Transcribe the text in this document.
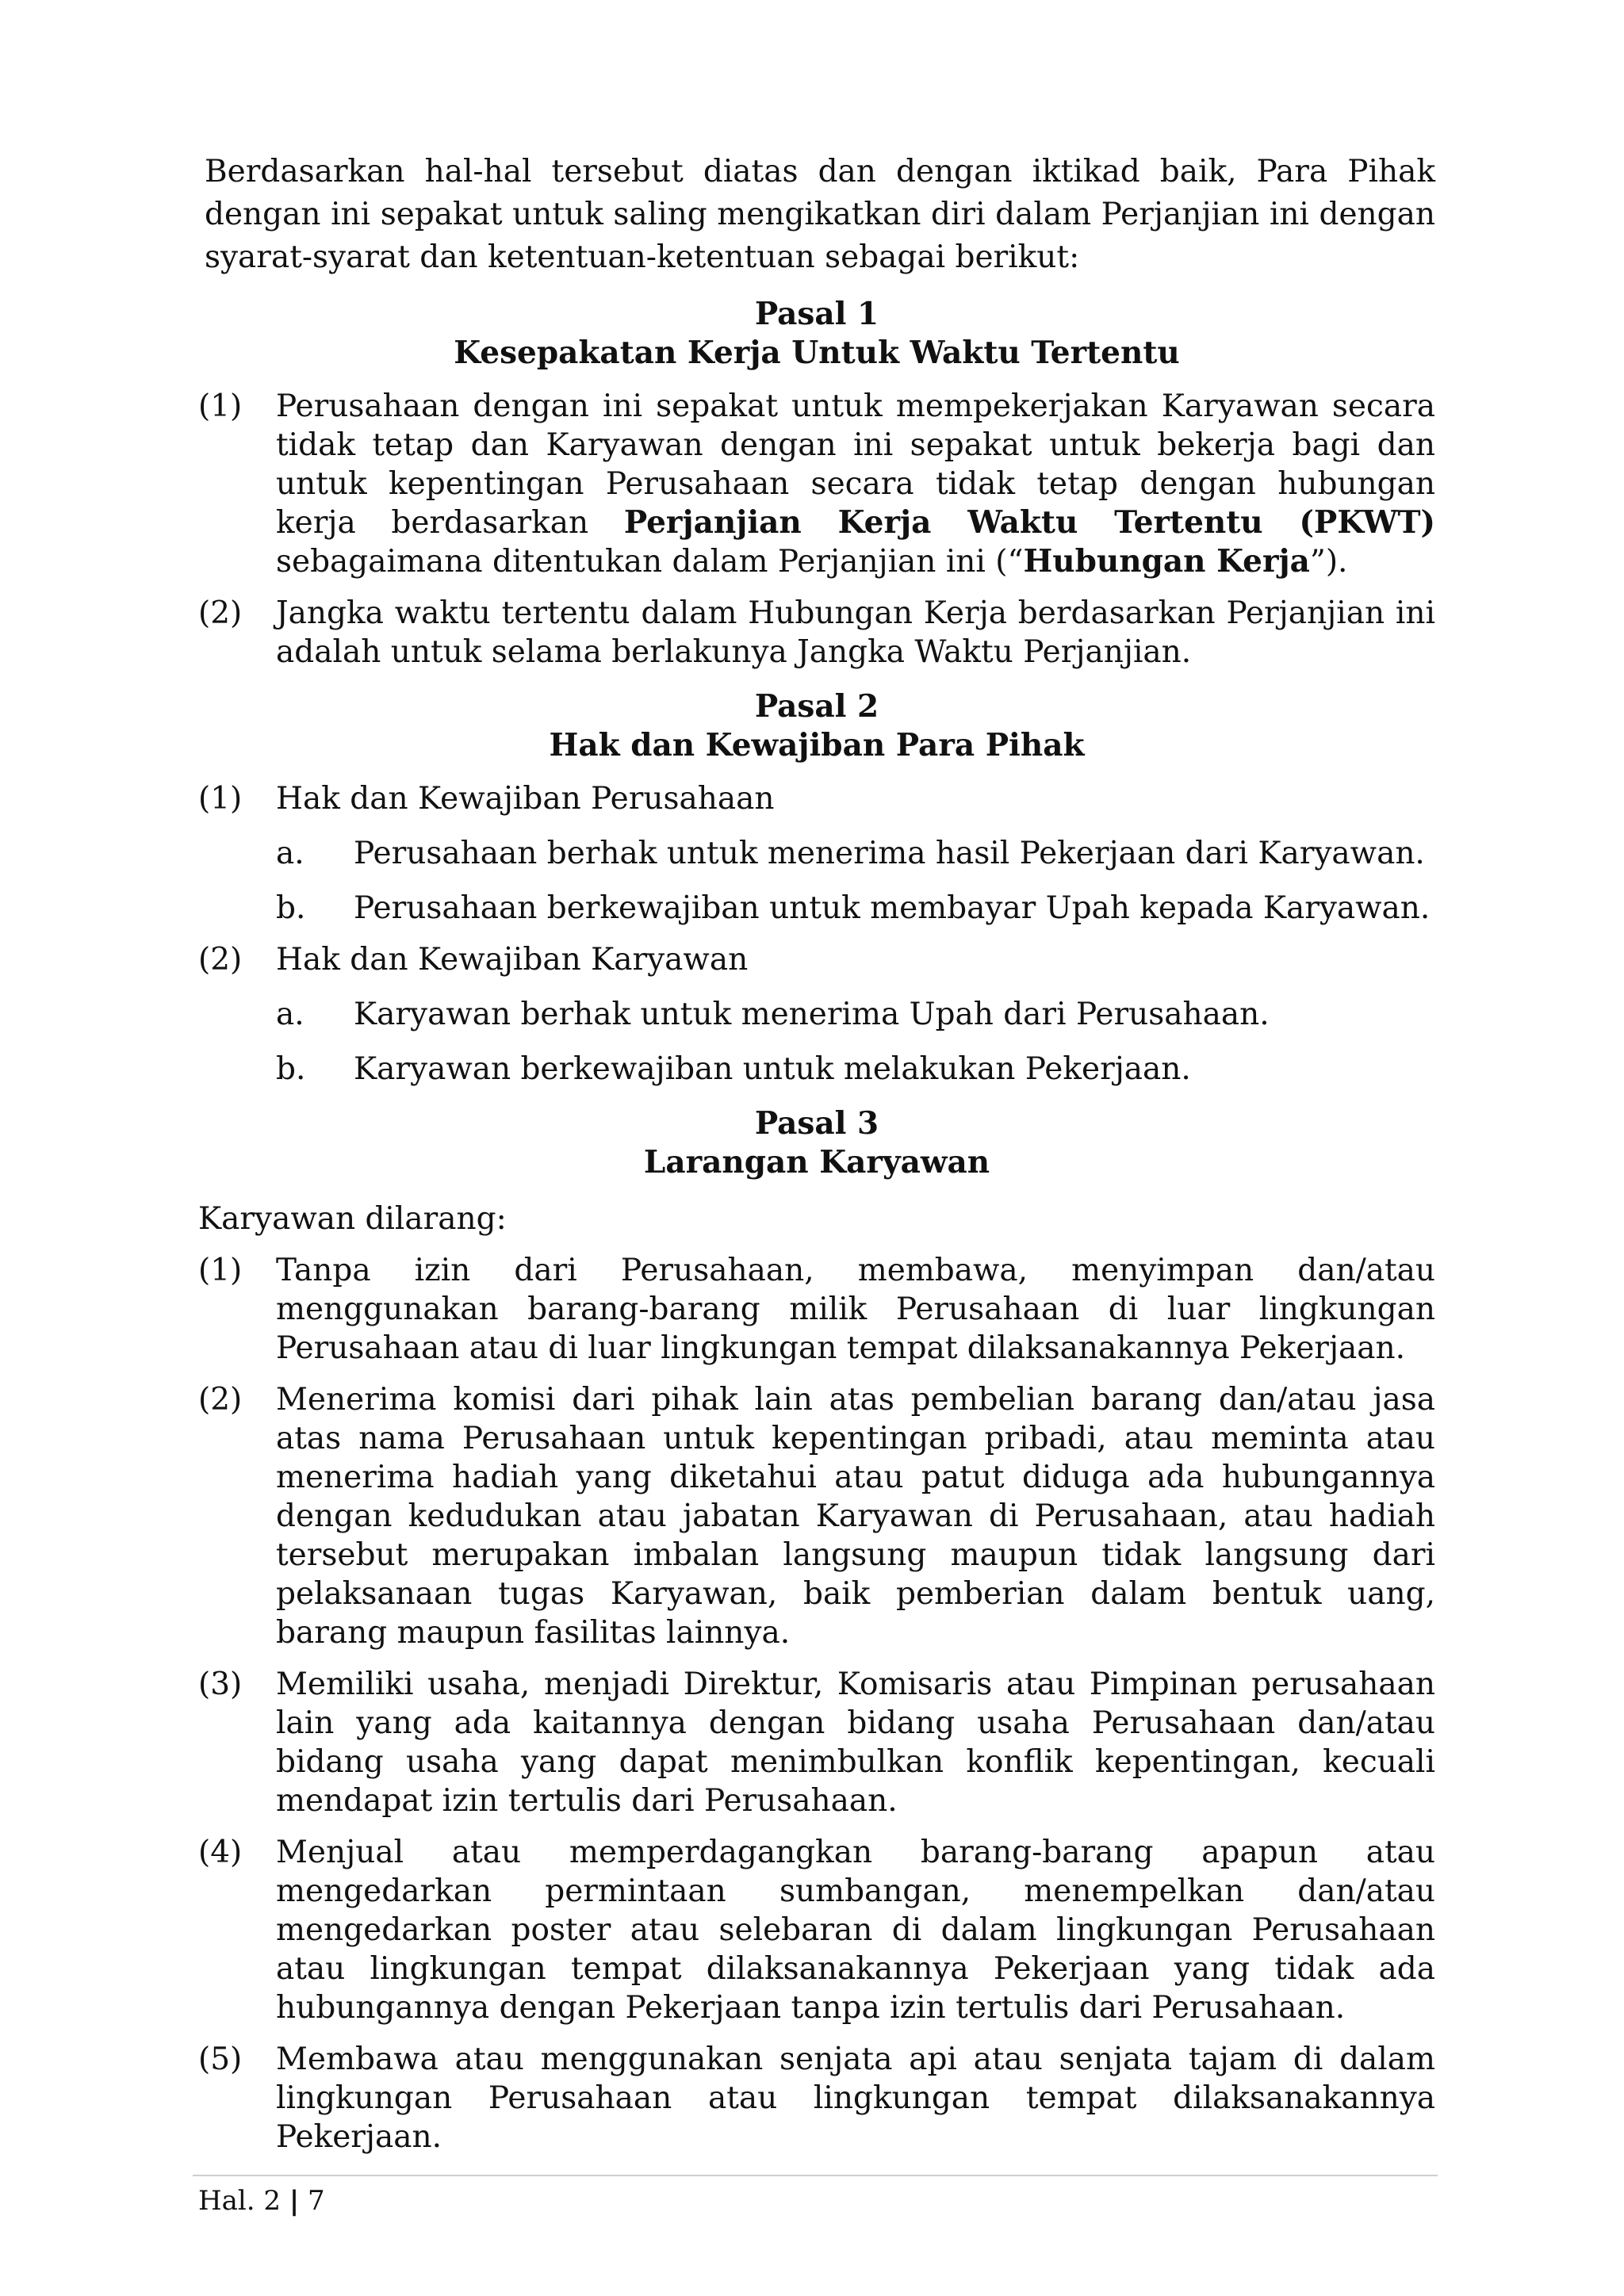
Berdasarkan hal-hal tersebut diatas dan dengan iktikad baik, Para Pihak dengan ini sepakat untuk saling mengikatkan diri dalam Perjanjian ini dengan syarat-syarat dan ketentuan-ketentuan sebagai berikut:
Pasal 1
Kesepakatan Kerja Untuk Waktu Tertentu
(1)	Perusahaan dengan ini sepakat untuk mempekerjakan Karyawan secara tidak tetap dan Karyawan dengan ini sepakat untuk bekerja bagi dan untuk kepentingan Perusahaan secara tidak tetap dengan hubungan kerja berdasarkan Perjanjian Kerja Waktu Tertentu (PKWT) sebagaimana ditentukan dalam Perjanjian ini (“Hubungan Kerja”).
(2)	Jangka waktu tertentu dalam Hubungan Kerja berdasarkan Perjanjian ini adalah untuk selama berlakunya Jangka Waktu Perjanjian.
Pasal 2
Hak dan Kewajiban Para Pihak
(1)	Hak dan Kewajiban Perusahaan
a.	Perusahaan berhak untuk menerima hasil Pekerjaan dari Karyawan.
b.	Perusahaan berkewajiban untuk membayar Upah kepada Karyawan.
(2)	Hak dan Kewajiban Karyawan
a.	Karyawan berhak untuk menerima Upah dari Perusahaan.
b.	Karyawan berkewajiban untuk melakukan Pekerjaan.
Pasal 3
Larangan Karyawan
Karyawan dilarang:
(1)	Tanpa izin dari Perusahaan, membawa, menyimpan dan/atau menggunakan barang-barang milik Perusahaan di luar lingkungan Perusahaan atau di luar lingkungan tempat dilaksanakannya Pekerjaan.
(2)	Menerima komisi dari pihak lain atas pembelian barang dan/atau jasa atas nama Perusahaan untuk kepentingan pribadi, atau meminta atau menerima hadiah yang diketahui atau patut diduga ada hubungannya dengan kedudukan atau jabatan Karyawan di Perusahaan, atau hadiah tersebut merupakan imbalan langsung maupun tidak langsung dari pelaksanaan tugas Karyawan, baik pemberian dalam bentuk uang, barang maupun fasilitas lainnya.
(3)	Memiliki usaha, menjadi Direktur, Komisaris atau Pimpinan perusahaan lain yang ada kaitannya dengan bidang usaha Perusahaan dan/atau bidang usaha yang dapat menimbulkan konflik kepentingan, kecuali mendapat izin tertulis dari Perusahaan.
(4)	Menjual atau memperdagangkan barang-barang apapun atau mengedarkan permintaan sumbangan, menempelkan dan/atau mengedarkan poster atau selebaran di dalam lingkungan Perusahaan atau lingkungan tempat dilaksanakannya Pekerjaan yang tidak ada hubungannya dengan Pekerjaan tanpa izin tertulis dari Perusahaan.
(5)	Membawa atau menggunakan senjata api atau senjata tajam di dalam lingkungan Perusahaan atau lingkungan tempat dilaksanakannya Pekerjaan.
Hal. 2 | 7
